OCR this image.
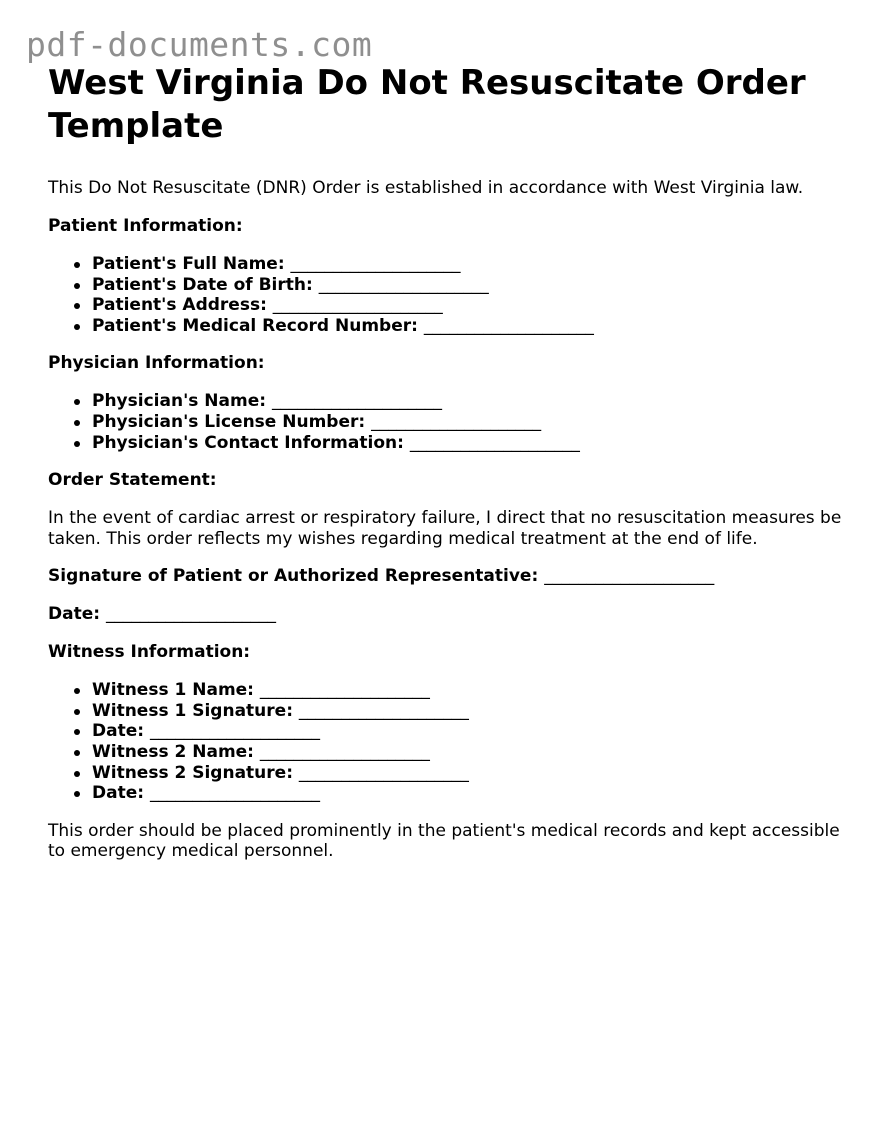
pdf-documents.com
West Virginia Do Not Resuscitate Order Template

This Do Not Resuscitate (DNR) Order is established in accordance with West Virginia law.

Patient Information:

Patient's Full Name: ____________________
Patient's Date of Birth: ____________________
Patient's Address: ____________________
Patient's Medical Record Number: ____________________

Physician Information:

Physician's Name: ____________________
Physician's License Number: ____________________
Physician's Contact Information: ____________________

Order Statement:

In the event of cardiac arrest or respiratory failure, I direct that no resuscitation measures be taken. This order reflects my wishes regarding medical treatment at the end of life.

Signature of Patient or Authorized Representative: ____________________

Date: ____________________

Witness Information:

Witness 1 Name: ____________________
Witness 1 Signature: ____________________
Date: ____________________
Witness 2 Name: ____________________
Witness 2 Signature: ____________________
Date: ____________________

This order should be placed prominently in the patient's medical records and kept accessible to emergency medical personnel.
